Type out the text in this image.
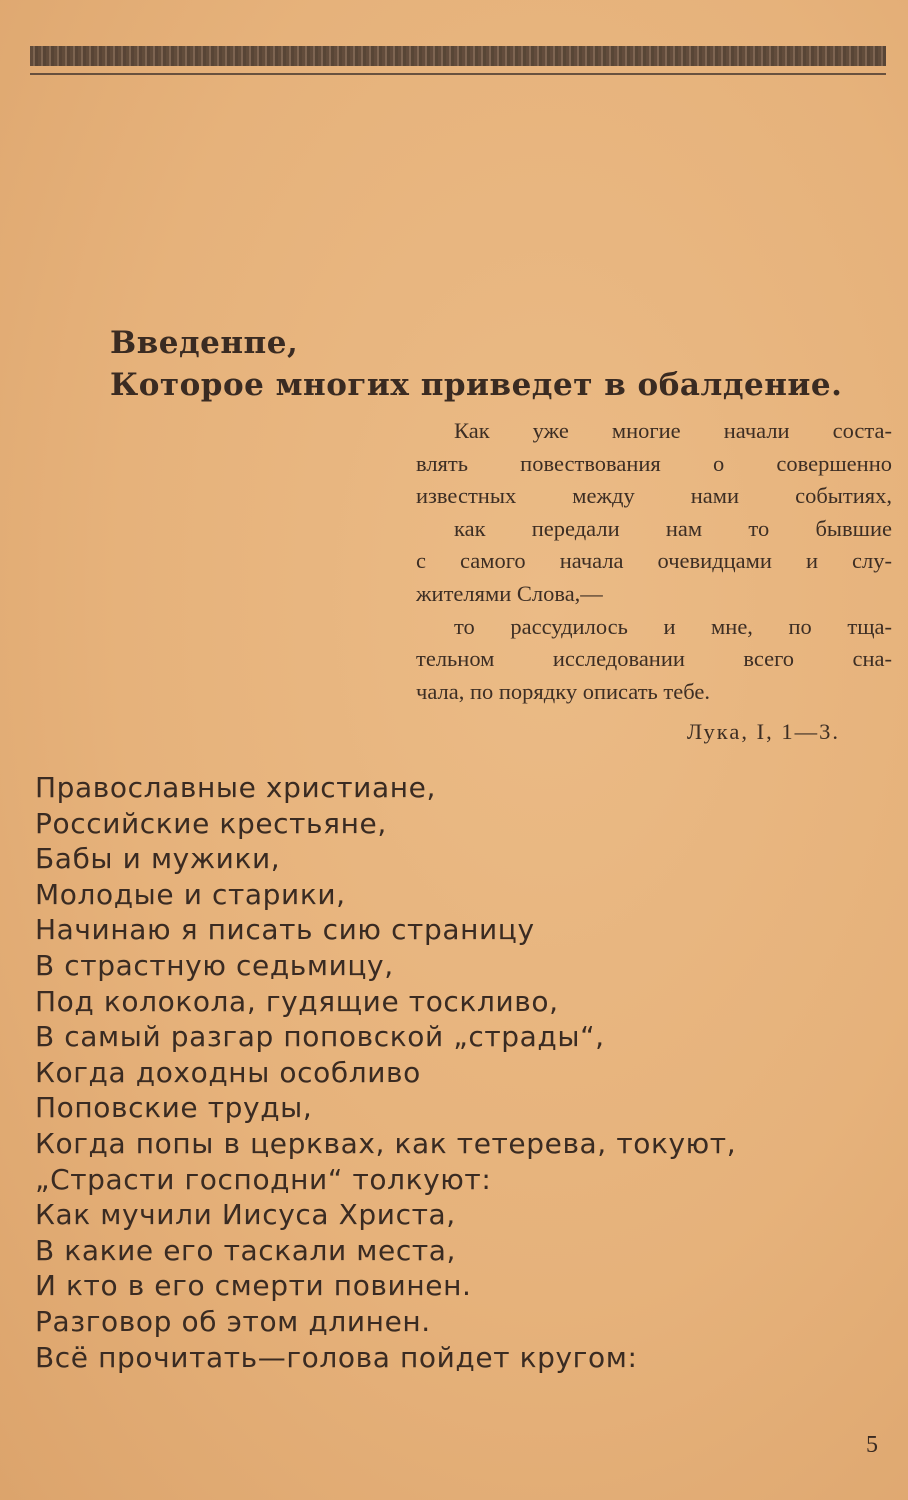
Введенпе,
Которое многих приведет в обалдение.
Как уже многие начали соста-
влять повествования о совершенно
известных между нами событиях,
как передали нам то бывшие
с самого начала очевидцами и слу-
жителями Слова,—
то рассудилось и мне, по тща-
тельном исследовании всего сна-
чала, по порядку описать тебе.
Лука, I, 1—3.
Православные христиане,
Российские крестьяне,
Бабы и мужики,
Молодые и старики,
Начинаю я писать сию страницу
В страстную седьмицу,
Под колокола, гудящие тоскливо,
В самый разгар поповской „страды“,
Когда доходны особливо
Поповские труды,
Когда попы в церквах, как тетерева, токуют,
„Страсти господни“ толкуют:
Как мучили Иисуса Христа,
В какие его таскали места,
И кто в его смерти повинен.
Разговор об этом длинен.
Всё прочитать—голова пойдет кругом:
5
